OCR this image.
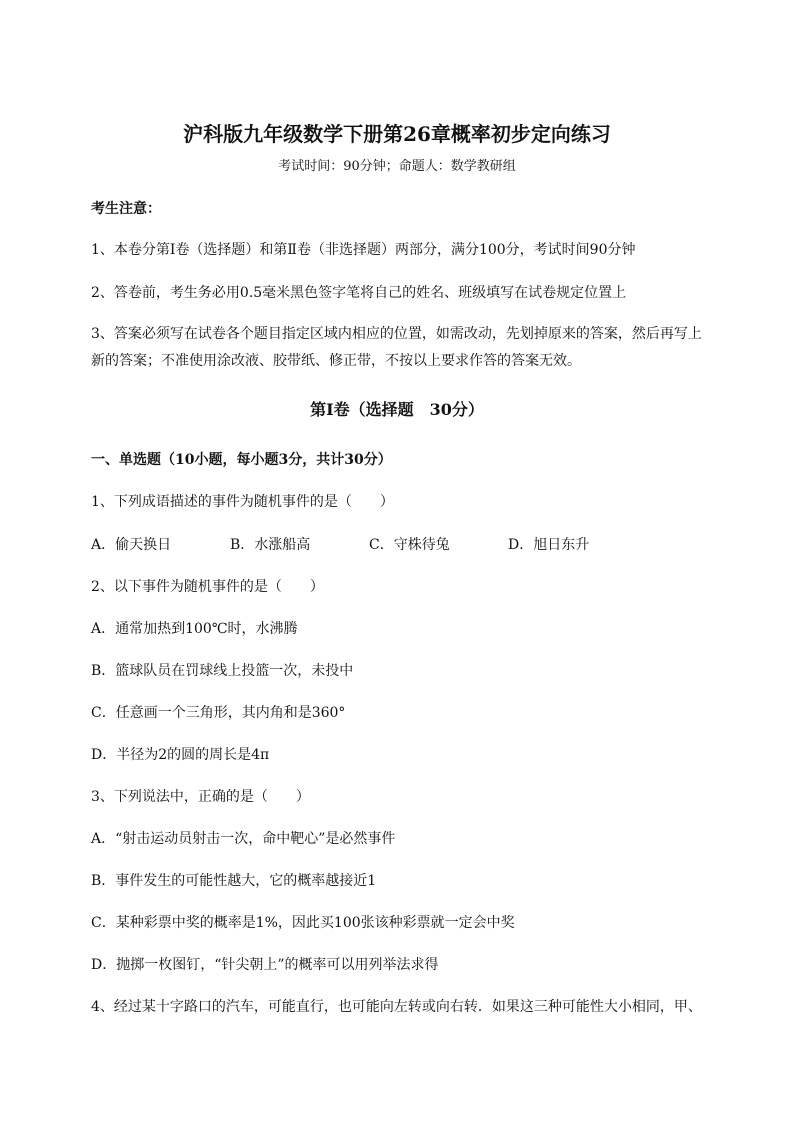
沪科版九年级数学下册第26章概率初步定向练习
考试时间：90分钟；命题人：数学教研组
考生注意：
1、本卷分第I卷（选择题）和第Ⅱ卷（非选择题）两部分，满分100分，考试时间90分钟
2、答卷前，考生务必用0.5毫米黑色签字笔将自己的姓名、班级填写在试卷规定位置上
3、答案必须写在试卷各个题目指定区域内相应的位置，如需改动，先划掉原来的答案，然后再写上新的答案；不准使用涂改液、胶带纸、修正带，不按以上要求作答的答案无效。
第I卷（选择题　30分）
一、单选题（10小题，每小题3分，共计30分）
1、下列成语描述的事件为随机事件的是（　　）
A．偷天换日	B．水涨船高	C．守株待兔	D．旭日东升
2、以下事件为随机事件的是（　　）
A．通常加热到100℃时，水沸腾
B．篮球队员在罚球线上投篮一次，未投中
C．任意画一个三角形，其内角和是360°
D．半径为2的圆的周长是4π
3、下列说法中，正确的是（　　）
A．“射击运动员射击一次，命中靶心”是必然事件
B．事件发生的可能性越大，它的概率越接近1
C．某种彩票中奖的概率是1%，因此买100张该种彩票就一定会中奖
D．抛掷一枚图钉，“针尖朝上”的概率可以用列举法求得
4、经过某十字路口的汽车，可能直行，也可能向左转或向右转．如果这三种可能性大小相同，甲、
